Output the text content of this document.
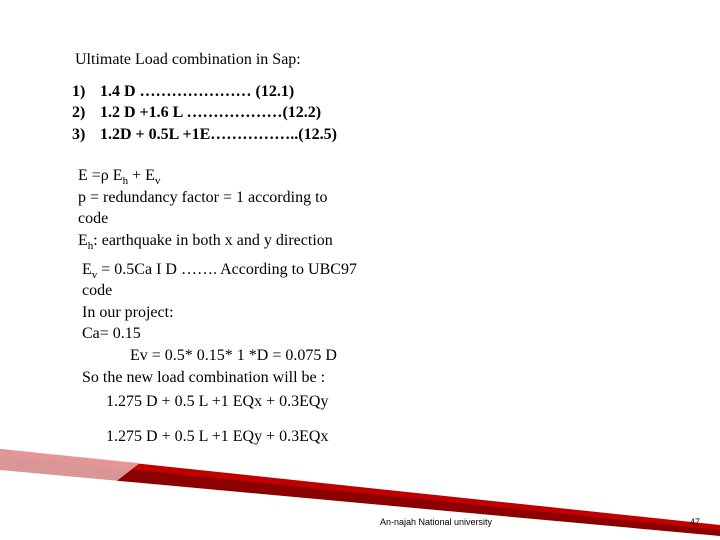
Ultimate Load combination in Sap:
1) 1.4 D ………………… (12.1)
2) 1.2 D +1.6 L ………………(12.2)
3) 1.2D + 0.5L +1E……………..(12.5)
E =ρ $E_h + E_v$
p = redundancy factor = 1 according to
code
$E_h$: earthquake in both x and y direction
$E_v = 0.5Ca$ I D ……. According to UBC97
code
In our project:
Ca= 0.15
Ev = 0.5* 0.15* 1 *D = 0.075 D
So the new load combination will be :
1.275 D + 0.5 L +1 EQx + 0.3EQy
1.275 D + 0.5 L +1 EQy + 0.3EQx
An-najah National university	47
